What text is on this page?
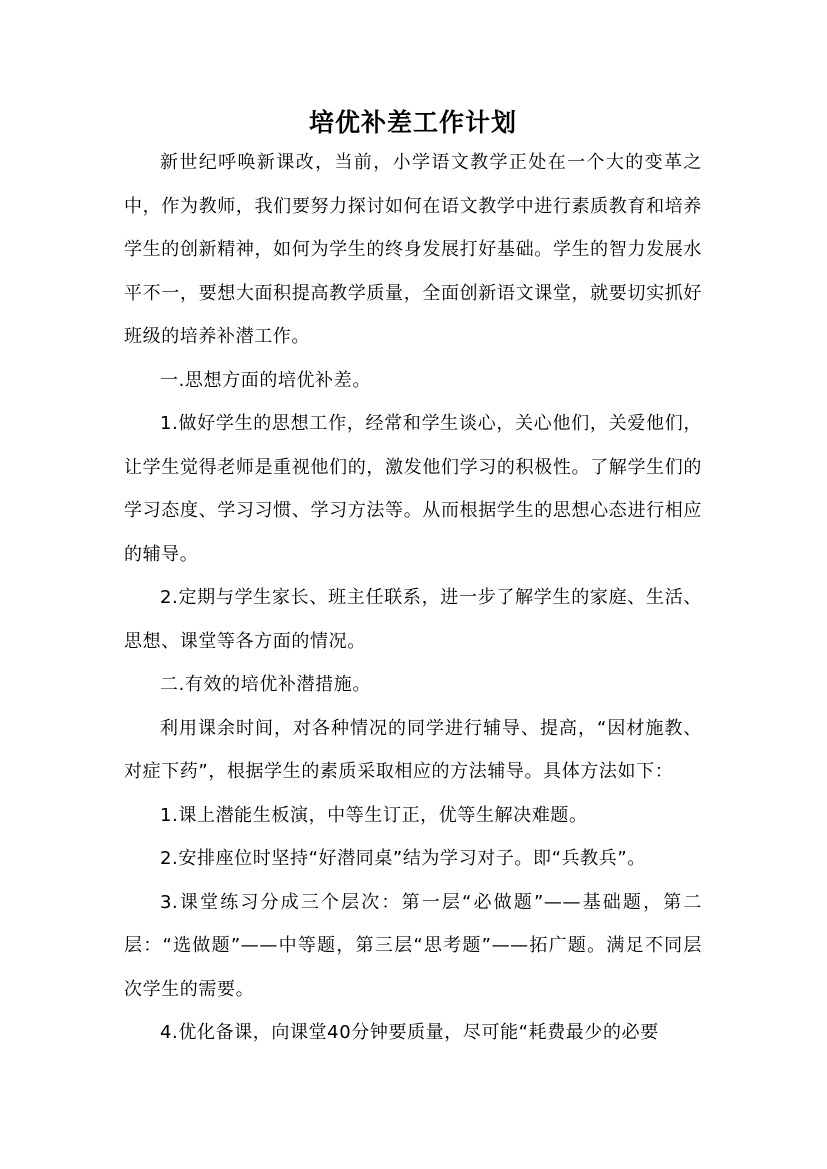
培优补差工作计划

新世纪呼唤新课改，当前，小学语文教学正处在一个大的变革之中，作为教师，我们要努力探讨如何在语文教学中进行素质教育和培养学生的创新精神，如何为学生的终身发展打好基础。学生的智力发展水平不一，要想大面积提高教学质量，全面创新语文课堂，就要切实抓好班级的培养补潜工作。

一.思想方面的培优补差。

1.做好学生的思想工作，经常和学生谈心，关心他们，关爱他们，让学生觉得老师是重视他们的，激发他们学习的积极性。了解学生们的学习态度、学习习惯、学习方法等。从而根据学生的思想心态进行相应的辅导。

2.定期与学生家长、班主任联系，进一步了解学生的家庭、生活、思想、课堂等各方面的情况。

二.有效的培优补潜措施。

利用课余时间，对各种情况的同学进行辅导、提高，“因材施教、对症下药”，根据学生的素质采取相应的方法辅导。具体方法如下：

1.课上潜能生板演，中等生订正，优等生解决难题。

2.安排座位时坚持“好潜同桌”结为学习对子。即“兵教兵”。

3.课堂练习分成三个层次：第一层“必做题”——基础题，第二层：“选做题”——中等题，第三层“思考题”——拓广题。满足不同层次学生的需要。

4.优化备课，向课堂40分钟要质量，尽可能“耗费最少的必要
